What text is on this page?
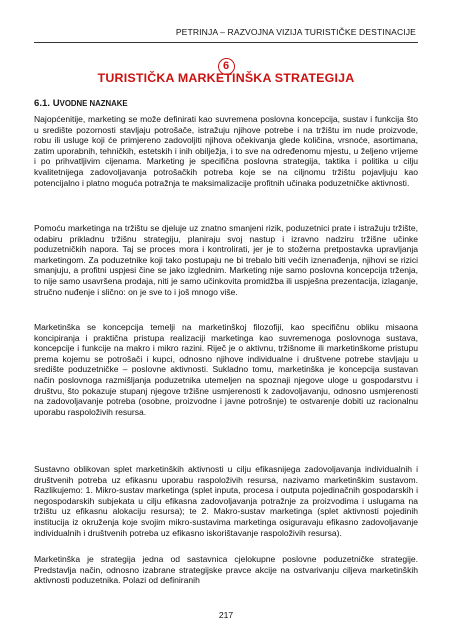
PETRINJA – RAZVOJNA VIZIJA TURISTIČKE DESTINACIJE
6
TURISTIČKA MARKETINŠKA STRATEGIJA
6.1. UVODNE NAZNAKE
Najopćenitije, marketing se može definirati kao suvremena poslovna koncepcija, sustav i funkcija što u središte pozornosti stavljaju potrošače, istražuju njihove potrebe i na tržištu im nude proizvode, robu ili usluge koji će primjereno zadovoljiti njihova očekivanja glede količina, vrsnoće, asortimana, zatim uporabnih, tehničkih, estetskih i inih obilježja, i to sve na određenomu mjestu, u željeno vrijeme i po prihvatljivim cijenama. Marketing je specifična poslovna strategija, taktika i politika u cilju kvalitetnijega zadovoljavanja potrošačkih potreba koje se na ciljnomu tržištu pojavljuju kao potencijalno i platno moguća potražnja te maksimalizacije profitnih učinaka poduzetničke aktivnosti.
Pomoću marketinga na tržištu se djeluje uz znatno smanjeni rizik, poduzetnici prate i istražuju tržište, odabiru prikladnu tržišnu strategiju, planiraju svoj nastup i izravno nadziru tržišne učinke poduzetničkih napora. Taj se proces mora i kontrolirati, jer je to stožerna pretpostavka upravljanja marketingom. Za poduzetnike koji tako postupaju ne bi trebalo biti većih iznenađenja, njihovi se rizici smanjuju, a profitni uspjesi čine se jako izglednim. Marketing nije samo poslovna koncepcija trženja, to nije samo usavršena prodaja, niti je samo učinkovita promidžba ili uspješna prezentacija, izlaganje, stručno nuđenje i slično: on je sve to i još mnogo više.
Marketinška se koncepcija temelji na marketinškoj filozofiji, kao specifičnu obliku misaona koncipiranja i praktična pristupa realizaciji marketinga kao suvremenoga poslovnoga sustava, koncepcije i funkcije na makro i mikro razini. Riječ je o aktivnu, tržišnome ili marketinškome pristupu prema kojemu se potrošači i kupci, odnosno njihove individualne i društvene potrebe stavljaju u središte poduzetničke – poslovne aktivnosti. Sukladno tomu, marketinška je koncepcija sustavan način poslovnoga razmišljanja poduzetnika utemeljen na spoznaji njegove uloge u gospodarstvu i društvu, što pokazuje stupanj njegove tržišne usmjerenosti k zadovoljavanju, odnosno usmjerenosti na zadovoljavanje potreba (osobne, proizvodne i javne potrošnje) te ostvarenje dobiti uz racionalnu uporabu raspoloživih resursa.
Sustavno oblikovan splet marketinških aktivnosti u cilju efikasnijega zadovoljavanja individualnih i društvenih potreba uz efikasnu uporabu raspoloživih resursa, nazivamo marketinškim sustavom. Razlikujemo: 1. Mikro-sustav marketinga (splet inputa, procesa i outputa pojedinačnih gospodarskih i negospodarskih subjekata u cilju efikasna zadovoljavanja potražnje za proizvodima i uslugama na tržištu uz efikasnu alokaciju resursa); te 2. Makro-sustav marketinga (splet aktivnosti pojedinih institucija iz okruženja koje svojim mikro-sustavima marketinga osiguravaju efikasno zadovoljavanje individualnih i društvenih potreba uz efikasno iskorištavanje raspoloživih resursa).
Marketinška je strategija jedna od sastavnica cjelokupne poslovne poduzetničke strategije. Predstavlja način, odnosno izabrane strategijske pravce akcije na ostvarivanju ciljeva marketinških aktivnosti poduzetnika. Polazi od definiranih
217
